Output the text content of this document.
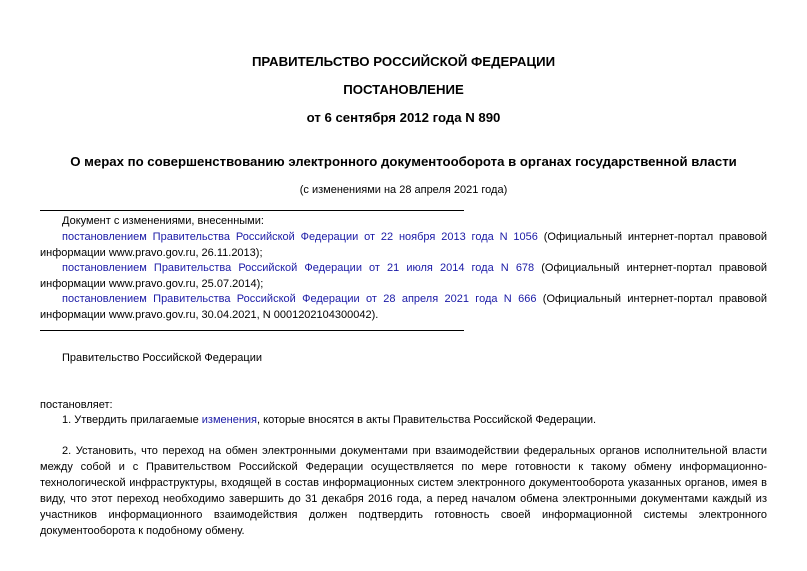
ПРАВИТЕЛЬСТВО РОССИЙСКОЙ ФЕДЕРАЦИИ
ПОСТАНОВЛЕНИЕ
от 6 сентября 2012 года N 890
О мерах по совершенствованию электронного документооборота в органах государственной власти
(с изменениями на 28 апреля 2021 года)
Документ с изменениями, внесенными:
постановлением Правительства Российской Федерации от 22 ноября 2013 года N 1056 (Официальный интернет-портал правовой информации www.pravo.gov.ru, 26.11.2013);
постановлением Правительства Российской Федерации от 21 июля 2014 года N 678 (Официальный интернет-портал правовой информации www.pravo.gov.ru, 25.07.2014);
постановлением Правительства Российской Федерации от 28 апреля 2021 года N 666 (Официальный интернет-портал правовой информации www.pravo.gov.ru, 30.04.2021, N 0001202104300042).
Правительство Российской Федерации
постановляет:
1. Утвердить прилагаемые изменения, которые вносятся в акты Правительства Российской Федерации.
2. Установить, что переход на обмен электронными документами при взаимодействии федеральных органов исполнительной власти между собой и с Правительством Российской Федерации осуществляется по мере готовности к такому обмену информационно-технологической инфраструктуры, входящей в состав информационных систем электронного документооборота указанных органов, имея в виду, что этот переход необходимо завершить до 31 декабря 2016 года, а перед началом обмена электронными документами каждый из участников информационного взаимодействия должен подтвердить готовность своей информационной системы электронного документооборота к подобному обмену.
